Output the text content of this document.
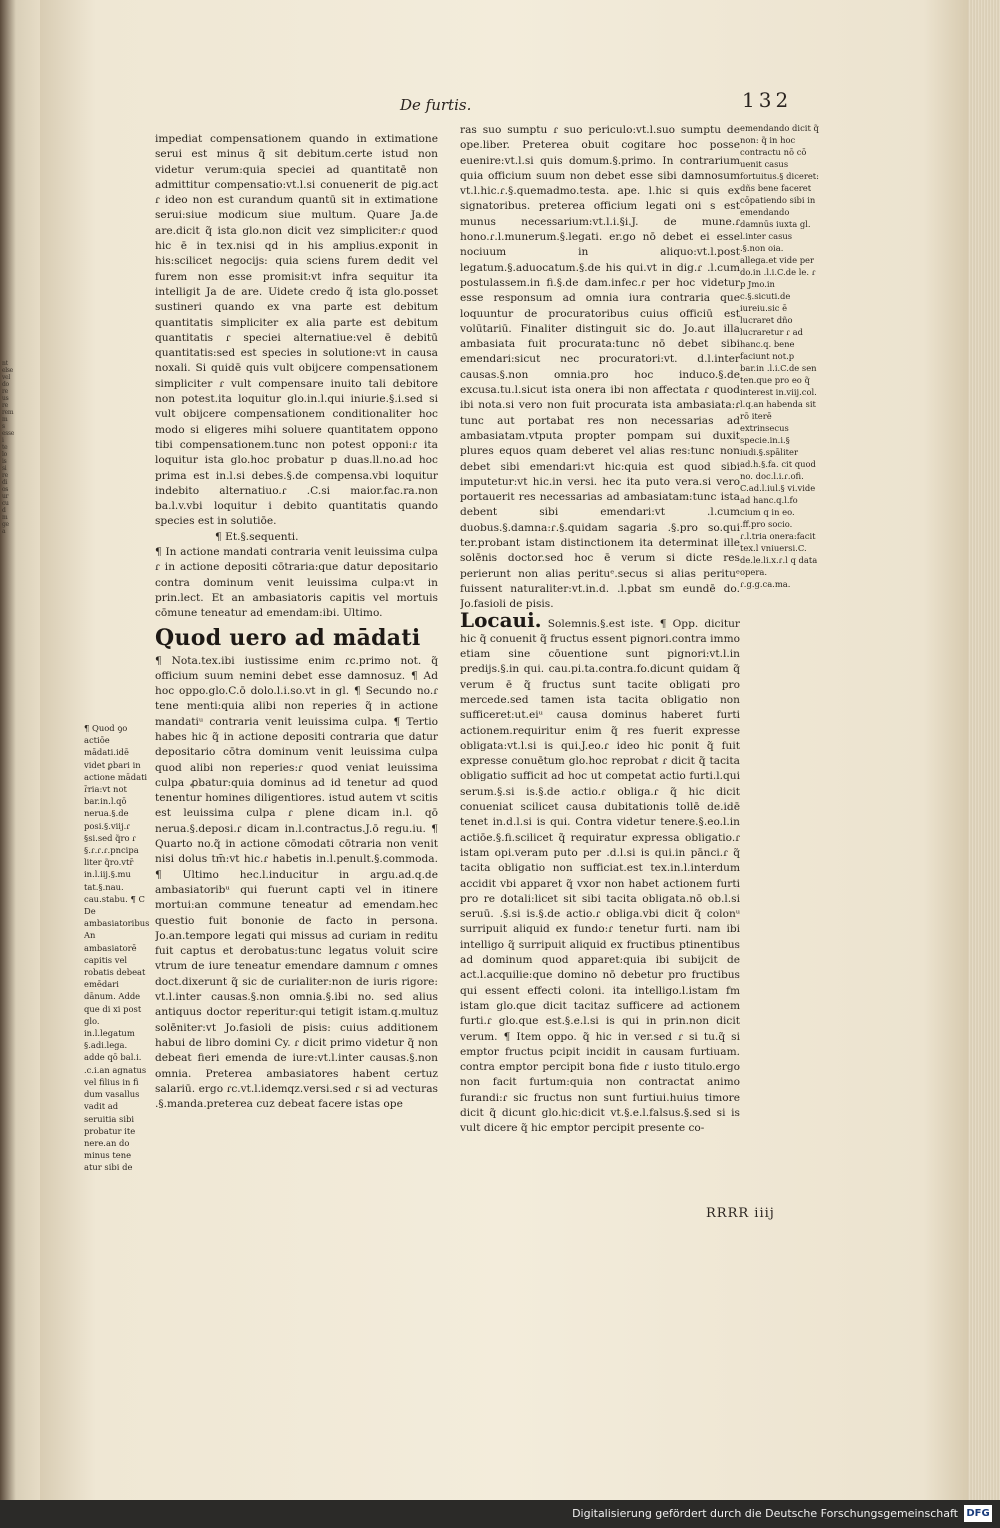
nt
else
vel
do
re
us
re
rem
m
s
esse
i
te
lo
is
si
re
di
os
ur
cu
d
m
ge
a
De furtis.	132

impediat compensationem quando in extimatione serui est minus q̃ sit debitum.certe istud non videtur verum:quia speciei ad quantitatē non admittitur compensatio:vt.l.si conuenerit de pig.act ɾ ideo non est curandum quantū sit in extimatione serui:siue modicum siue multum. Quare Ja.de are.dicit q̃ ista glo.non dicit vez simpliciter:ɾ quod hic ē in tex.nisi qd in his amplius.exponit in his:scilicet negocijs: quia sciens furem dedit vel furem non esse promisit:vt infra sequitur ita intelligit Ja de are. Uidete credo q̃ ista glo.posset sustineri quando ex vna parte est debitum quantitatis simpliciter ex alia parte est debitum quantitatis ɾ speciei alternatiue:vel ē debitū quantitatis:sed est species in solutione:vt in causa noxali. Si quidē quis vult obijcere compensationem simpliciter ɾ vult compensare inuito tali debitore non potest.ita loquitur glo.in.l.qui iniurie.§.i.sed si vult obijcere compensationem conditionaliter hoc modo si eligeres mihi soluere quantitatem oppono tibi compensationem.tunc non potest opponi:ɾ ita loquitur ista glo.hoc probatur p duas.ll.no.ad hoc prima est in.l.si debes.§.de compensa.vbi loquitur indebito alternatiuo.ɾ .C.si maior.fac.ra.non ba.l.v.vbi loquitur i debito quantitatis quando species est in solutiōe.

¶ Et.§.sequenti.

¶ In actione mandati contraria venit leuissima culpa ɾ in actione depositi cōtraria:que datur depositario contra dominum venit leuissima culpa:vt in prin.lect. Et an ambasiatoris capitis vel mortuis cōmune teneatur ad emendam:ibi. Ultimo.

Quod uero ad mādati

¶ Nota.tex.ibi iustissime enim ɾc.primo not. q̃ officium suum nemini debet esse damnosuz. ¶ Ad hoc oppo.glo.C.ō dolo.l.i.so.vt in gl. ¶ Secundo no.ɾ tene menti:quia alibi non reperies q̃ in actione mandatiᵘ contraria venit leuissima culpa. ¶ Tertio habes hic q̃ in actione depositi contraria que datur depositario cōtra dominum venit leuissima culpa quod alibi non reperies:ɾ quod veniat leuissima culpa ꝓbatur:quia dominus ad id tenetur ad quod tenentur homines diligentiores. istud autem vt scitis est leuissima culpa ɾ plene dicam in.l. qō nerua.§.deposi.ɾ dicam in.l.contractus.J.ō regu.iu. ¶ Quarto no.q̃ in actione cōmodati cōtraria non venit nisi dolus tm̄:vt hic.ɾ habetis in.l.penult.§.commoda. ¶ Ultimo hec.l.inducitur in argu.ad.q.de ambasiatoribᵘ qui fuerunt capti vel in itinere mortui:an commune teneatur ad emendam.hec questio fuit bononie de facto in persona. Jo.an.tempore legati qui missus ad curiam in reditu fuit captus et derobatus:tunc legatus voluit scire vtrum de iure teneatur emendare damnum ɾ omnes doct.dixerunt q̃ sic de curialiter:non de iuris rigore: vt.l.inter causas.§.non omnia.§.ibi no. sed alius antiquus doctor reperitur:qui tetigit istam.q.multuz solēniter:vt Jo.fasioli de pisis: cuius additionem habui de libro domini Cy. ɾ dicit primo videtur q̃ non debeat fieri emenda de iure:vt.l.inter causas.§.non omnia. Preterea ambasiatores habent certuz salariū. ergo ɾc.vt.l.idemqz.versi.sed ɾ si ad vecturas .§.manda.preterea cuz debeat facere istas ope

ras suo sumptu ɾ suo periculo:vt.l.suo sumptu de ope.liber. Preterea obuit cogitare hoc posse euenire:vt.l.si quis domum.§.primo. In contrarium quia officium suum non debet esse sibi damnosum vt.l.hic.ɾ.§.quemadmo.testa. ape. l.hic si quis ex signatoribus. preterea officium legati oni s est munus necessarium:vt.l.i.§i.J. de mune.ɾ hono.ɾ.l.munerum.§.legati. er.go nō debet ei esse nociuum in aliquo:vt.l.post legatum.§.aduocatum.§.de his qui.vt in dig.ɾ .l.cum postulassem.in fi.§.de dam.infec.ɾ per hoc videtur esse responsum ad omnia iura contraria que loquuntur de procuratoribus cuius officiū est volūtariū. Finaliter distinguit sic do. Jo.aut illa ambasiata fuit procurata:tunc nō debet sibi emendari:sicut nec procuratori:vt. d.l.inter causas.§.non omnia.pro hoc induco.§.de excusa.tu.l.sicut ista onera ibi non affectata ɾ quod ibi nota.si vero non fuit procurata ista ambasiata:ɾ tunc aut portabat res non necessarias ad ambasiatam.vtputa propter pompam sui duxit plures equos quam deberet vel alias res:tunc non debet sibi emendari:vt hic:quia est quod sibi imputetur:vt hic.in versi. hec ita puto vera.si vero portauerit res necessarias ad ambasiatam:tunc ista debent sibi emendari:vt .l.cum duobus.§.damna:ɾ.§.quidam sagaria .§.pro so.qui ter.probant istam distinctionem ita determinat ille solēnis doctor.sed hoc ē verum si dicte res perierunt non alias perituᵉ.secus si alias perituᵉ fuissent naturaliter:vt.in.d. .l.pbat sm eundē do. Jo.fasioli de pisis.

Locaui. Solemnis.§.est iste. ¶ Opp. dicitur hic q̃ conuenit q̃ fructus essent pignori.contra immo etiam sine cōuentione sunt pignori:vt.l.in predijs.§.in qui. cau.pi.ta.contra.fo.dicunt quidam q̃ verum ē q̃ fructus sunt tacite obligati pro mercede.sed tamen ista tacita obligatio non sufficeret:ut.eiᵘ causa dominus haberet furti actionem.requiritur enim q̃ res fuerit expresse obligata:vt.l.si is qui.J.eo.ɾ ideo hic ponit q̃ fuit expresse conuētum glo.hoc reprobat ɾ dicit q̃ tacita obligatio sufficit ad hoc ut competat actio furti.l.qui serum.§.si is.§.de actio.ɾ obliga.ɾ q̃ hic dicit conueniat scilicet causa dubitationis tollē de.idē tenet in.d.l.si is qui. Contra videtur tenere.§.eo.l.in actiōe.§.fi.scilicet q̃ requiratur expressa obligatio.ɾ istam opi.veram puto per .d.l.si is qui.in pānci.ɾ q̃ tacita obligatio non sufficiat.est tex.in.l.interdum accidit vbi apparet q̃ vxor non habet actionem furti pro re dotali:licet sit sibi tacita obligata.nō ob.l.si seruū. .§.si is.§.de actio.ɾ obliga.vbi dicit q̃ colonᵘ surripuit aliquid ex fundo:ɾ tenetur furti. nam ibi intelligo q̃ surripuit aliquid ex fructibus ptinentibus ad dominum quod apparet:quia ibi subijcit de act.l.acquilie:que domino nō debetur pro fructibus qui essent effecti coloni. ita intelligo.l.istam fm istam glo.que dicit tacitaz sufficere ad actionem furti.ɾ glo.que est.§.e.l.si is qui in prin.non dicit verum. ¶ Item oppo. q̃ hic in ver.sed ɾ si tu.q̃ si emptor fructus pcipit incidit in causam furtiuam. contra emptor percipit bona fide ɾ iusto titulo.ergo non facit furtum:quia non contractat animo furandi:ɾ sic fructus non sunt furtiui.huius timore dicit q̃ dicunt glo.hic:dicit vt.§.e.l.falsus.§.sed si is vult dicere q̃ hic emptor percipit presente co-

emendando dicit q̃ non: q̃ in hoc contractu nō cō uenit casus fortuitus.§ diceret: dñs bene faceret cōpatiendo sibi in emendando damnūs iuxta gl. l.inter casus .§.non oia. allega.et vide per do.in .l.i.C.de le. ɾ p Jmo.in c.§.sicuti.de iureiu.sic ē lucraret dño lucraretur ɾ ad hanc.q. bene faciunt not.p bar.in .l.i.C.de sen ten.que pro eo q̃ interest in.viij.col. l.q.an habenda sit rō iterē extrinsecus specie.in.i.§ iudi.§.spāliter ad.h.§.fa. cit quod no. doc.l.i.ɾ.ofi. C.ad.l.iul.§ vi.vide ad hanc.q.l.fo cium q in eo. .ff.pro socio. ɾ.l.tria onera:facit tex.l vniuersi.C. de.le.li.x.ɾ.l q data opera. ɾ.g.g.ca.ma.
¶ Quod ꝯo actiōe mādati.idē videt ꝑbari in actione mādati ɾ̄ria:vt not bar.in.l.qō nerua.§.de posi.§.viij.ɾ §si.sed q̃ro ɾ §.ɾ.ɾ.ɾ.pncipa liter q̃ro.vtr̄ in.l.iij.§.mu tat.§.nau. cau.stabu. ¶ C De ambasiatoribus An ambasiatorē capitis vel robatis debeat emēdari dānum. Adde que di xi post glo. in.l.legatum §.adi.lega. adde qō bal.i. .c.i.an agnatus vel filius in fi dum vasallus vadit ad seruitia sibi probatur ite nere.an do minus tene atur sibi de
RRRR iiij
Digitalisierung gefördert durch die Deutsche Forschungsgemeinschaft DFG
